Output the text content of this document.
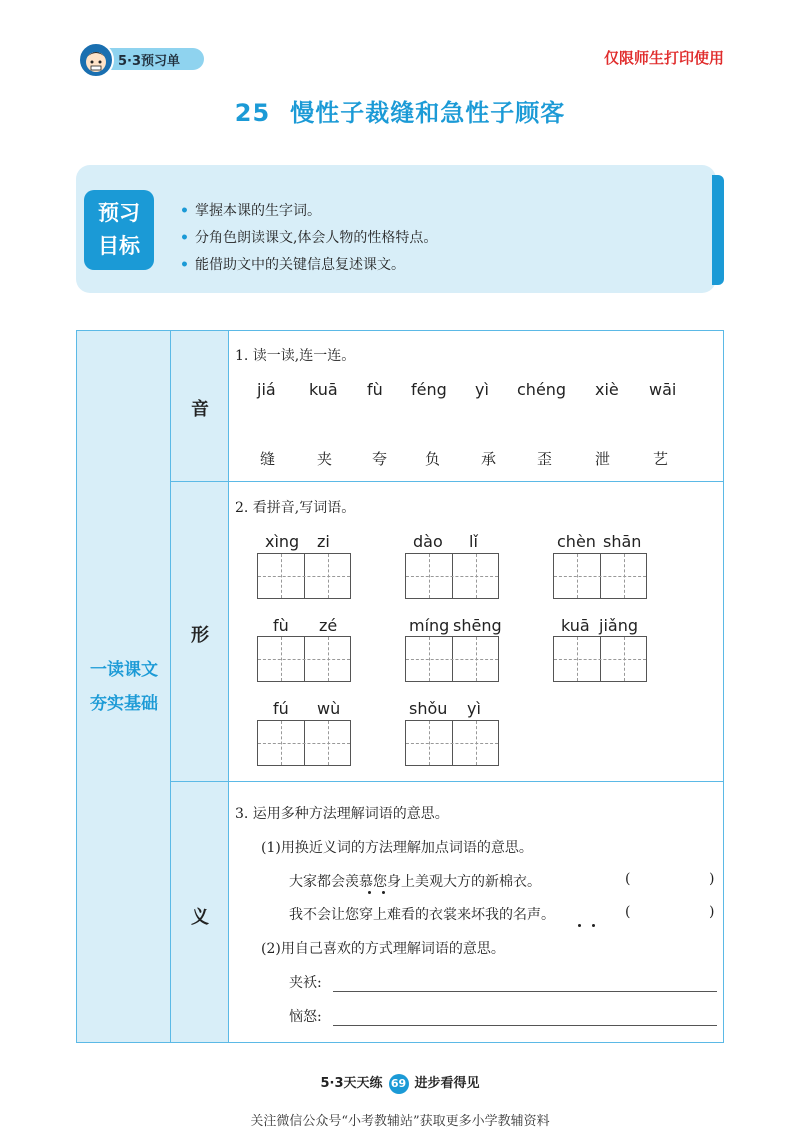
5·3预习单	仅限师生打印使用
25 慢性子裁缝和急性子顾客
预习
目标
• 掌握本课的生字词。
• 分角色朗读课文,体会人物的性格特点。
• 能借助文中的关键信息复述课文。
一读课文
夯实基础
音
形
义
1. 读一读,连一连。
jiá kuā fù féng yì chéng xiè wāi
缝	夹	夸	负	承	歪	泄	艺
2. 看拼音,写词语。
xìng zi	dào lǐ	chèn shān
fù zé	míng shēng	kuā jiǎng
fú wù	shǒu yì
3. 运用多种方法理解词语的意思。
(1)用换近义词的方法理解加点词语的意思。
大家都会羡慕您身上美观大方的新棉衣。	(	)
我不会让您穿上难看的衣裳来坏我的名声。	(	)
(2)用自己喜欢的方式理解词语的意思。
夹袄:
恼怒:
5·3天天练 69 进步看得见
关注微信公众号“小考教辅站”获取更多小学教辅资料
